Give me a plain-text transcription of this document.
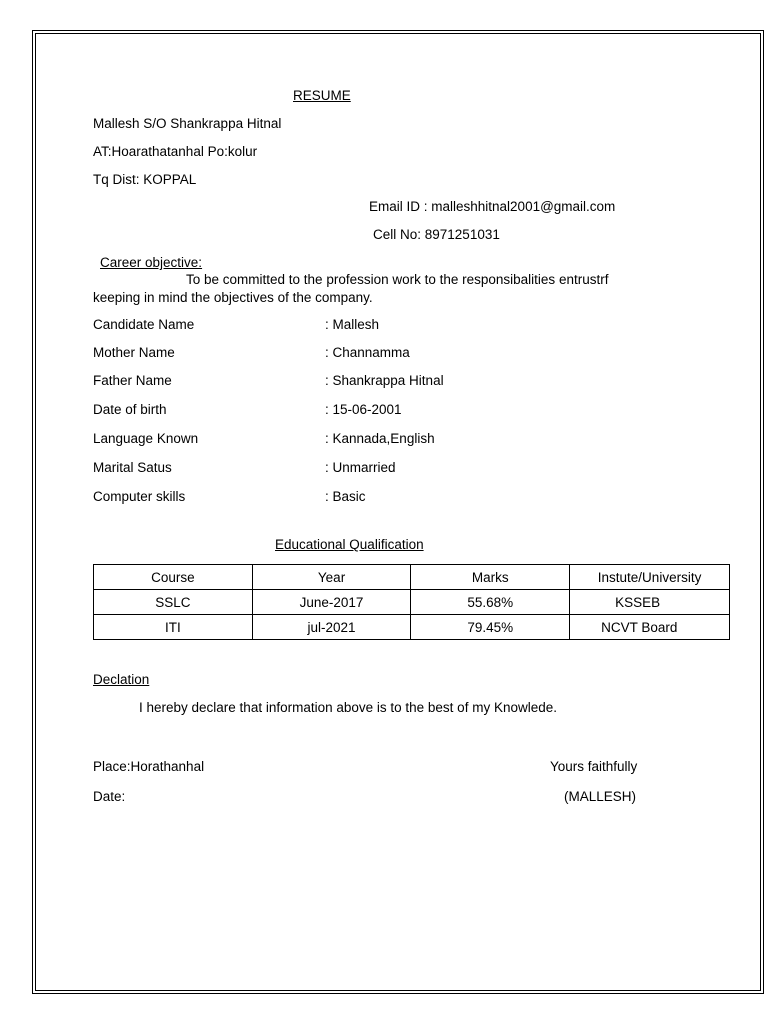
RESUME
Mallesh S/O Shankrappa Hitnal
AT:Hoarathatanhal Po:kolur
Tq Dist: KOPPAL
Email ID : malleshhitnal2001@gmail.com
Cell No: 8971251031
Career objective:
To be committed to the profession work to the responsibalities entrustrf
keeping in mind the objectives of the company.
Candidate Name	: Mallesh
Mother Name	: Channamma
Father Name	: Shankrappa Hitnal
Date of birth	: 15-06-2001
Language Known	: Kannada,English
Marital Satus	: Unmarried
Computer skills	: Basic
Educational Qualification
Course	Year	Marks	Instute/University
SSLC	June-2017	55.68%	KSSEB
ITI	jul-2021	79.45%	NCVT Board
Declation
I hereby declare that information above is to the best of my Knowlede.
Place:Horathanhal	Yours faithfully
Date:	(MALLESH)
